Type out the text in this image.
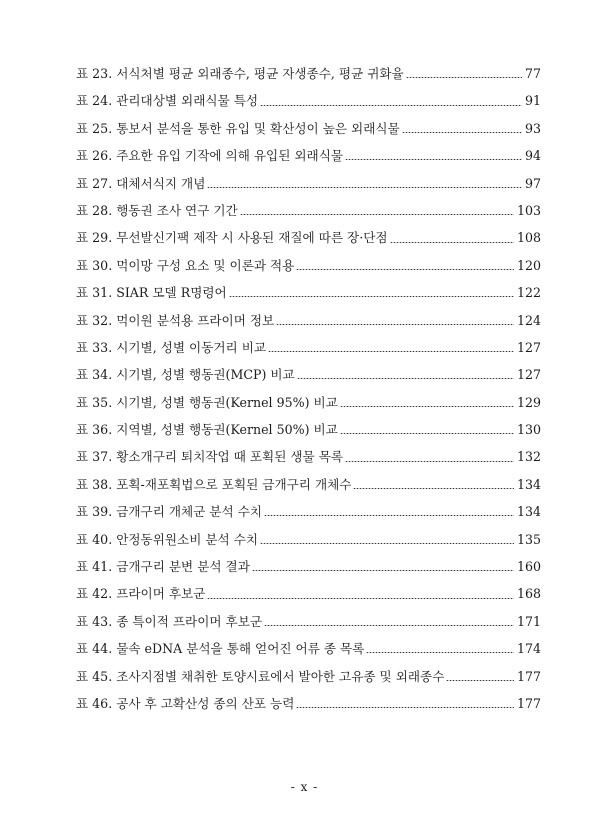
표 23. 서식처별 평균 외래종수, 평균 자생종수, 평균 귀화율	77
표 24. 관리대상별 외래식물 특성	91
표 25. 통보서 분석을 통한 유입 및 확산성이 높은 외래식물	93
표 26. 주요한 유입 기작에 의해 유입된 외래식물	94
표 27. 대체서식지 개념	97
표 28. 행동권 조사 연구 기간	103
표 29. 무선발신기팩 제작 시 사용된 재질에 따른 장·단점	108
표 30. 먹이망 구성 요소 및 이론과 적용	120
표 31. SIAR 모델 R명령어	122
표 32. 먹이원 분석용 프라이머 정보	124
표 33. 시기별, 성별 이동거리 비교	127
표 34. 시기별, 성별 행동권(MCP) 비교	127
표 35. 시기별, 성별 행동권(Kernel 95%) 비교	129
표 36. 지역별, 성별 행동권(Kernel 50%) 비교	130
표 37. 황소개구리 퇴치작업 때 포획된 생물 목록	132
표 38. 포획-재포획법으로 포획된 금개구리 개체수	134
표 39. 금개구리 개체군 분석 수치	134
표 40. 안정동위원소비 분석 수치	135
표 41. 금개구리 분변 분석 결과	160
표 42. 프라이머 후보군	168
표 43. 종 특이적 프라이머 후보군	171
표 44. 물속 eDNA 분석을 통해 얻어진 어류 종 목록	174
표 45. 조사지점별 채취한 토양시료에서 발아한 고유종 및 외래종수	177
표 46. 공사 후 고확산성 종의 산포 능력	177
- x -
